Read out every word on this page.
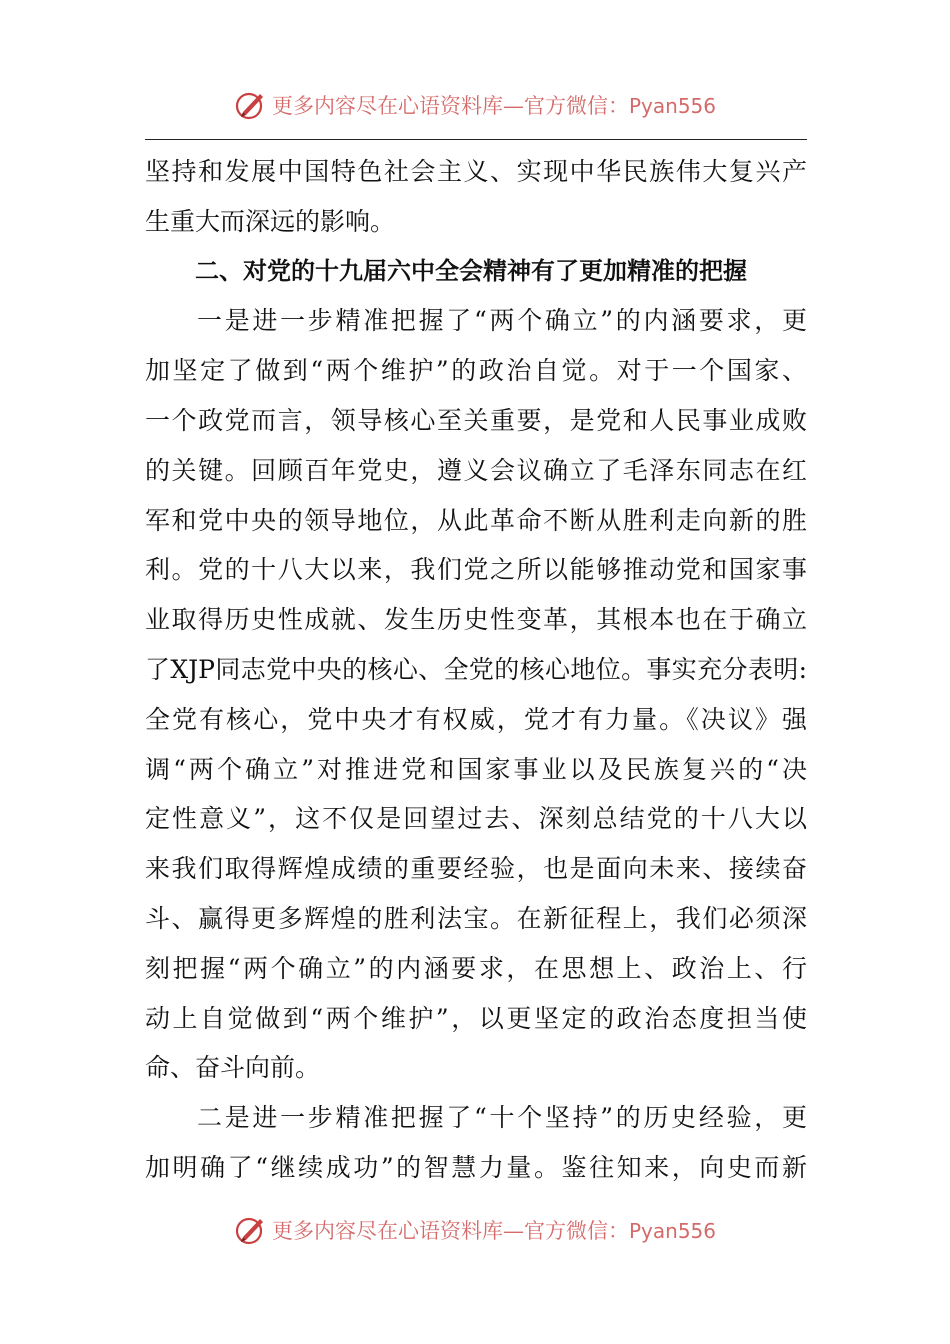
更多内容尽在心语资料库—官方微信：Pyan556
坚持和发展中国特色社会主义、实现中华民族伟大复兴产
生重大而深远的影响。
二、对党的十九届六中全会精神有了更加精准的把握
一是进一步精准把握了“两个确立”的内涵要求，更
加坚定了做到“两个维护”的政治自觉。对于一个国家、
一个政党而言，领导核心至关重要，是党和人民事业成败
的关键。回顾百年党史，遵义会议确立了毛泽东同志在红
军和党中央的领导地位，从此革命不断从胜利走向新的胜
利。党的十八大以来，我们党之所以能够推动党和国家事
业取得历史性成就、发生历史性变革，其根本也在于确立
了XJP同志党中央的核心、全党的核心地位。事实充分表明:
全党有核心，党中央才有权威，党才有力量。《决议》强
调“两个确立”对推进党和国家事业以及民族复兴的“决
定性意义”，这不仅是回望过去、深刻总结党的十八大以
来我们取得辉煌成绩的重要经验，也是面向未来、接续奋
斗、赢得更多辉煌的胜利法宝。在新征程上，我们必须深
刻把握“两个确立”的内涵要求，在思想上、政治上、行
动上自觉做到“两个维护”，以更坚定的政治态度担当使
命、奋斗向前。
二是进一步精准把握了“十个坚持”的历史经验，更
加明确了“继续成功”的智慧力量。鉴往知来，向史而新
更多内容尽在心语资料库—官方微信：Pyan556
